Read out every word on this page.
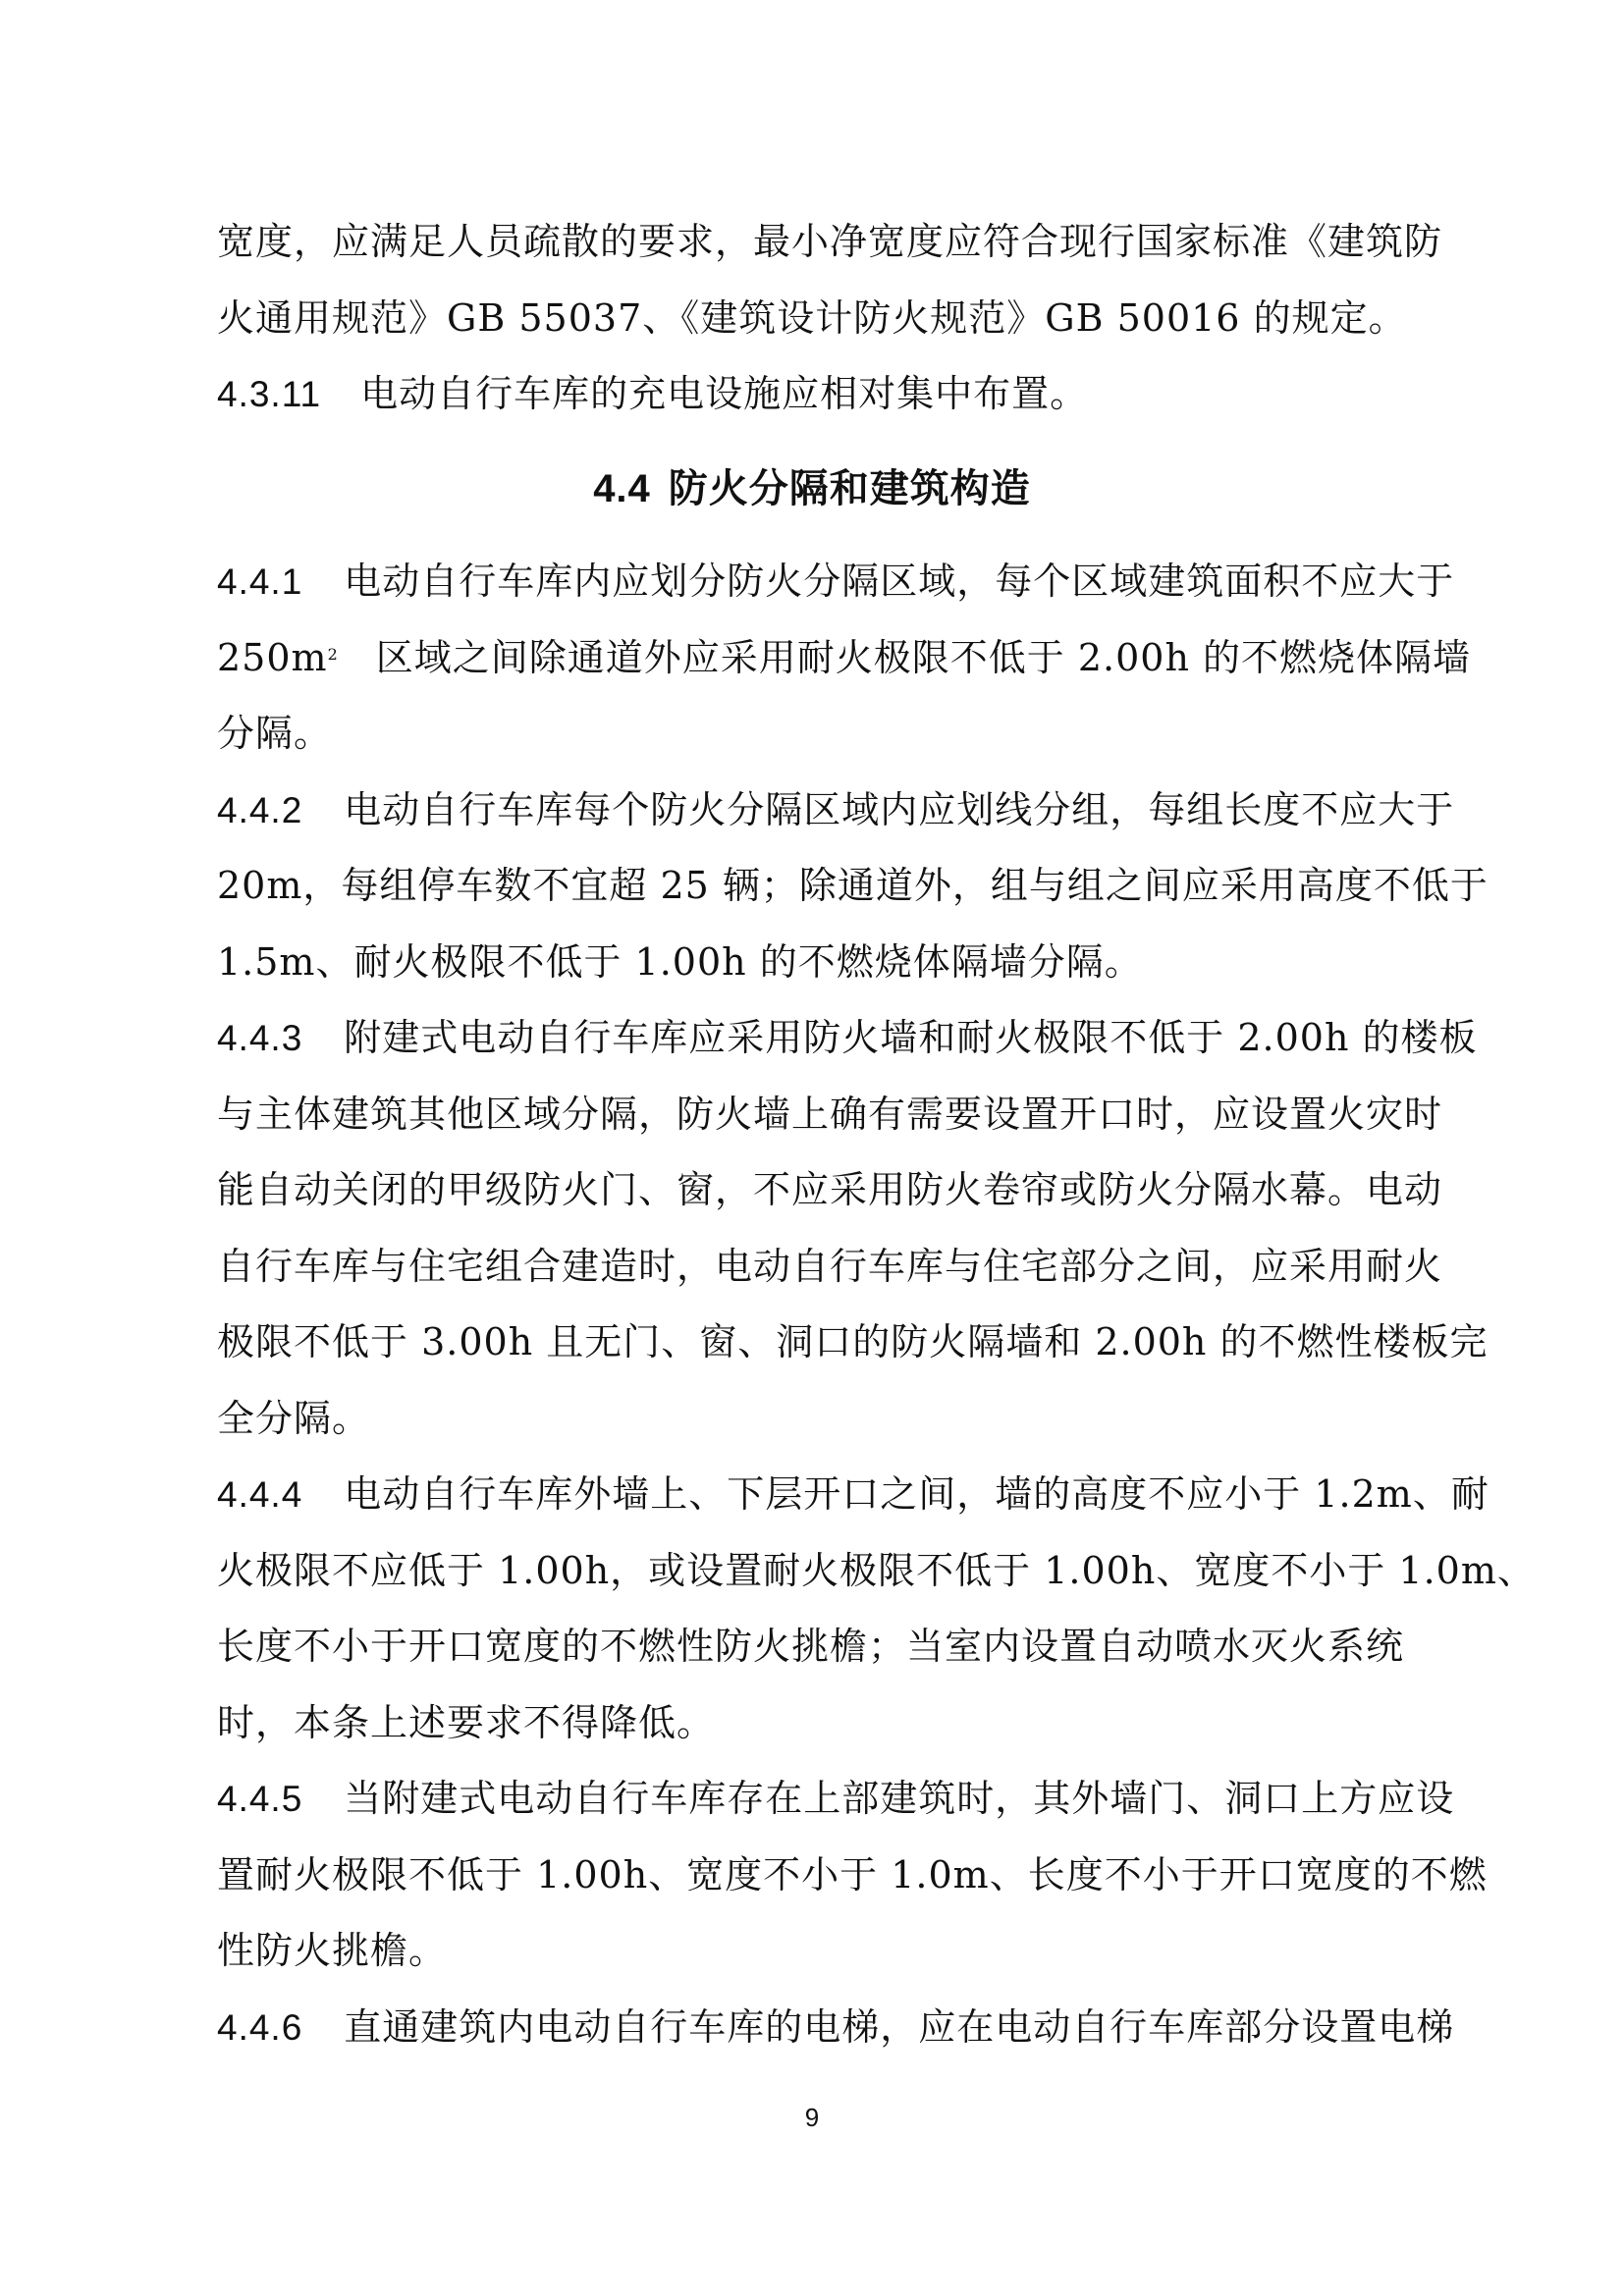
宽度，应满足人员疏散的要求，最小净宽度应符合现行国家标准《建筑防
火通用规范》GB 55037、《建筑设计防火规范》GB 50016 的规定。
4.3.11 电动自行车库的充电设施应相对集中布置。
4.4 防火分隔和建筑构造
4.4.1 电动自行车库内应划分防火分隔区域，每个区域建筑面积不应大于
$250m^2$ 区域之间除通道外应采用耐火极限不低于 2.00h 的不燃烧体隔墙
分隔。
4.4.2 电动自行车库每个防火分隔区域内应划线分组，每组长度不应大于
20m，每组停车数不宜超 25 辆；除通道外，组与组之间应采用高度不低于
1.5m、耐火极限不低于 1.00h 的不燃烧体隔墙分隔。
4.4.3 附建式电动自行车库应采用防火墙和耐火极限不低于 2.00h 的楼板
与主体建筑其他区域分隔，防火墙上确有需要设置开口时，应设置火灾时
能自动关闭的甲级防火门、窗，不应采用防火卷帘或防火分隔水幕。电动
自行车库与住宅组合建造时，电动自行车库与住宅部分之间，应采用耐火
极限不低于 3.00h 且无门、窗、洞口的防火隔墙和 2.00h 的不燃性楼板完
全分隔。
4.4.4 电动自行车库外墙上、下层开口之间，墙的高度不应小于 1.2m、耐
火极限不应低于 1.00h，或设置耐火极限不低于 1.00h、宽度不小于 1.0m、
长度不小于开口宽度的不燃性防火挑檐；当室内设置自动喷水灭火系统
时，本条上述要求不得降低。
4.4.5 当附建式电动自行车库存在上部建筑时，其外墙门、洞口上方应设
置耐火极限不低于 1.00h、宽度不小于 1.0m、长度不小于开口宽度的不燃
性防火挑檐。
4.4.6 直通建筑内电动自行车库的电梯，应在电动自行车库部分设置电梯
9
